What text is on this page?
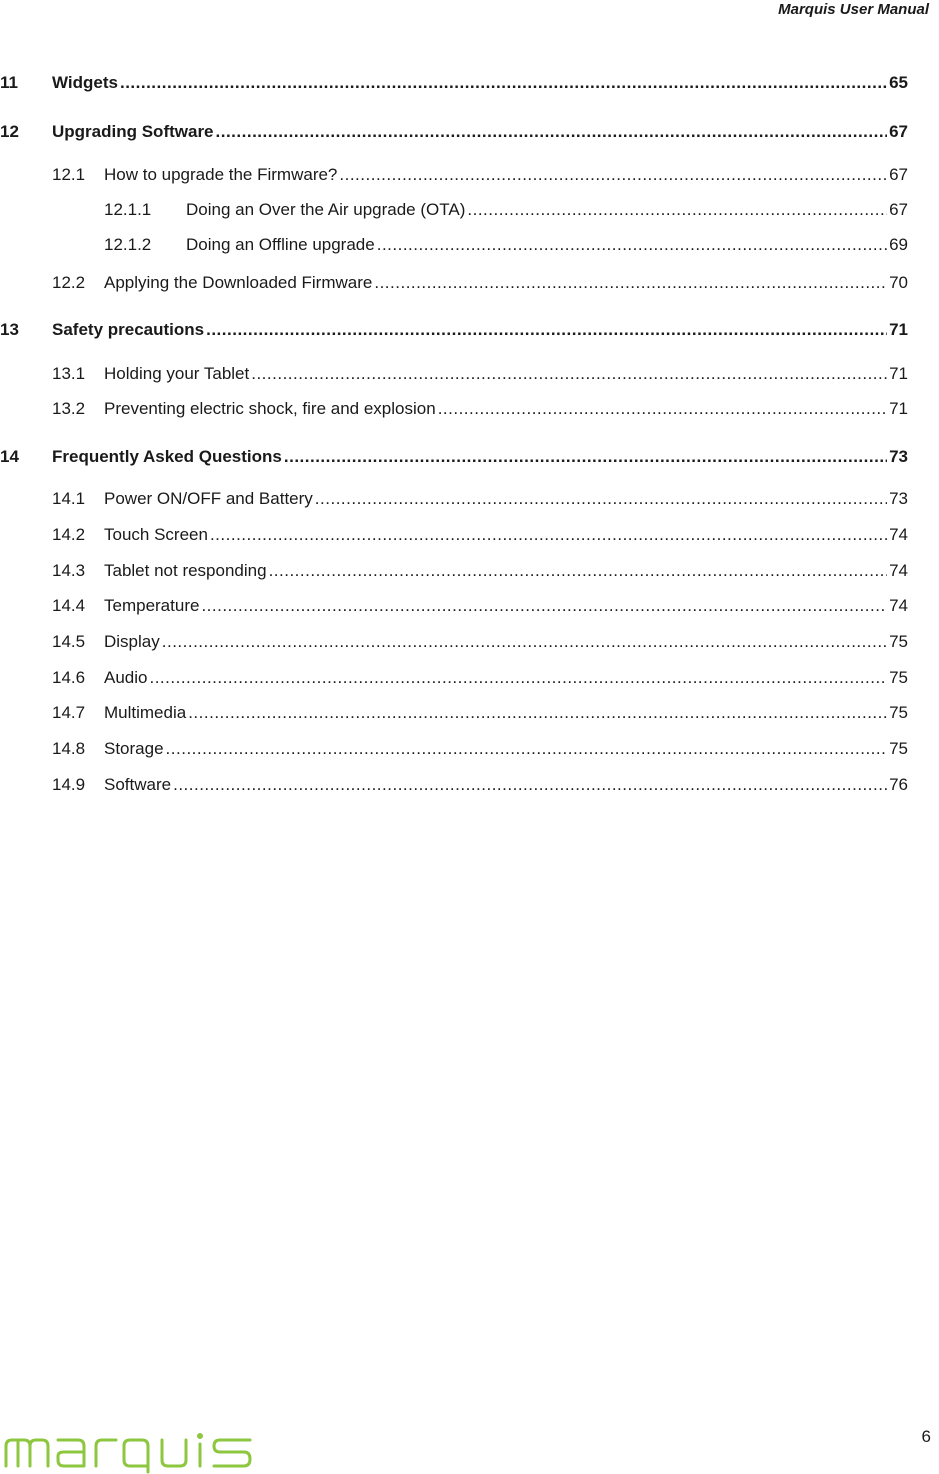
Marquis User Manual
11	Widgets .....	65
12	Upgrading Software .....	67
12.1	How to upgrade the Firmware? .....	67
12.1.1	Doing an Over the Air upgrade (OTA) .....	67
12.1.2	Doing an Offline upgrade .....	69
12.2	Applying the Downloaded Firmware .....	70
13	Safety precautions .....	71
13.1	Holding your Tablet .....	71
13.2	Preventing electric shock, fire and explosion .....	71
14	Frequently Asked Questions .....	73
14.1	Power ON/OFF and Battery .....	73
14.2	Touch Screen .....	74
14.3	Tablet not responding .....	74
14.4	Temperature .....	74
14.5	Display .....	75
14.6	Audio .....	75
14.7	Multimedia .....	75
14.8	Storage .....	75
14.9	Software .....	76
6
